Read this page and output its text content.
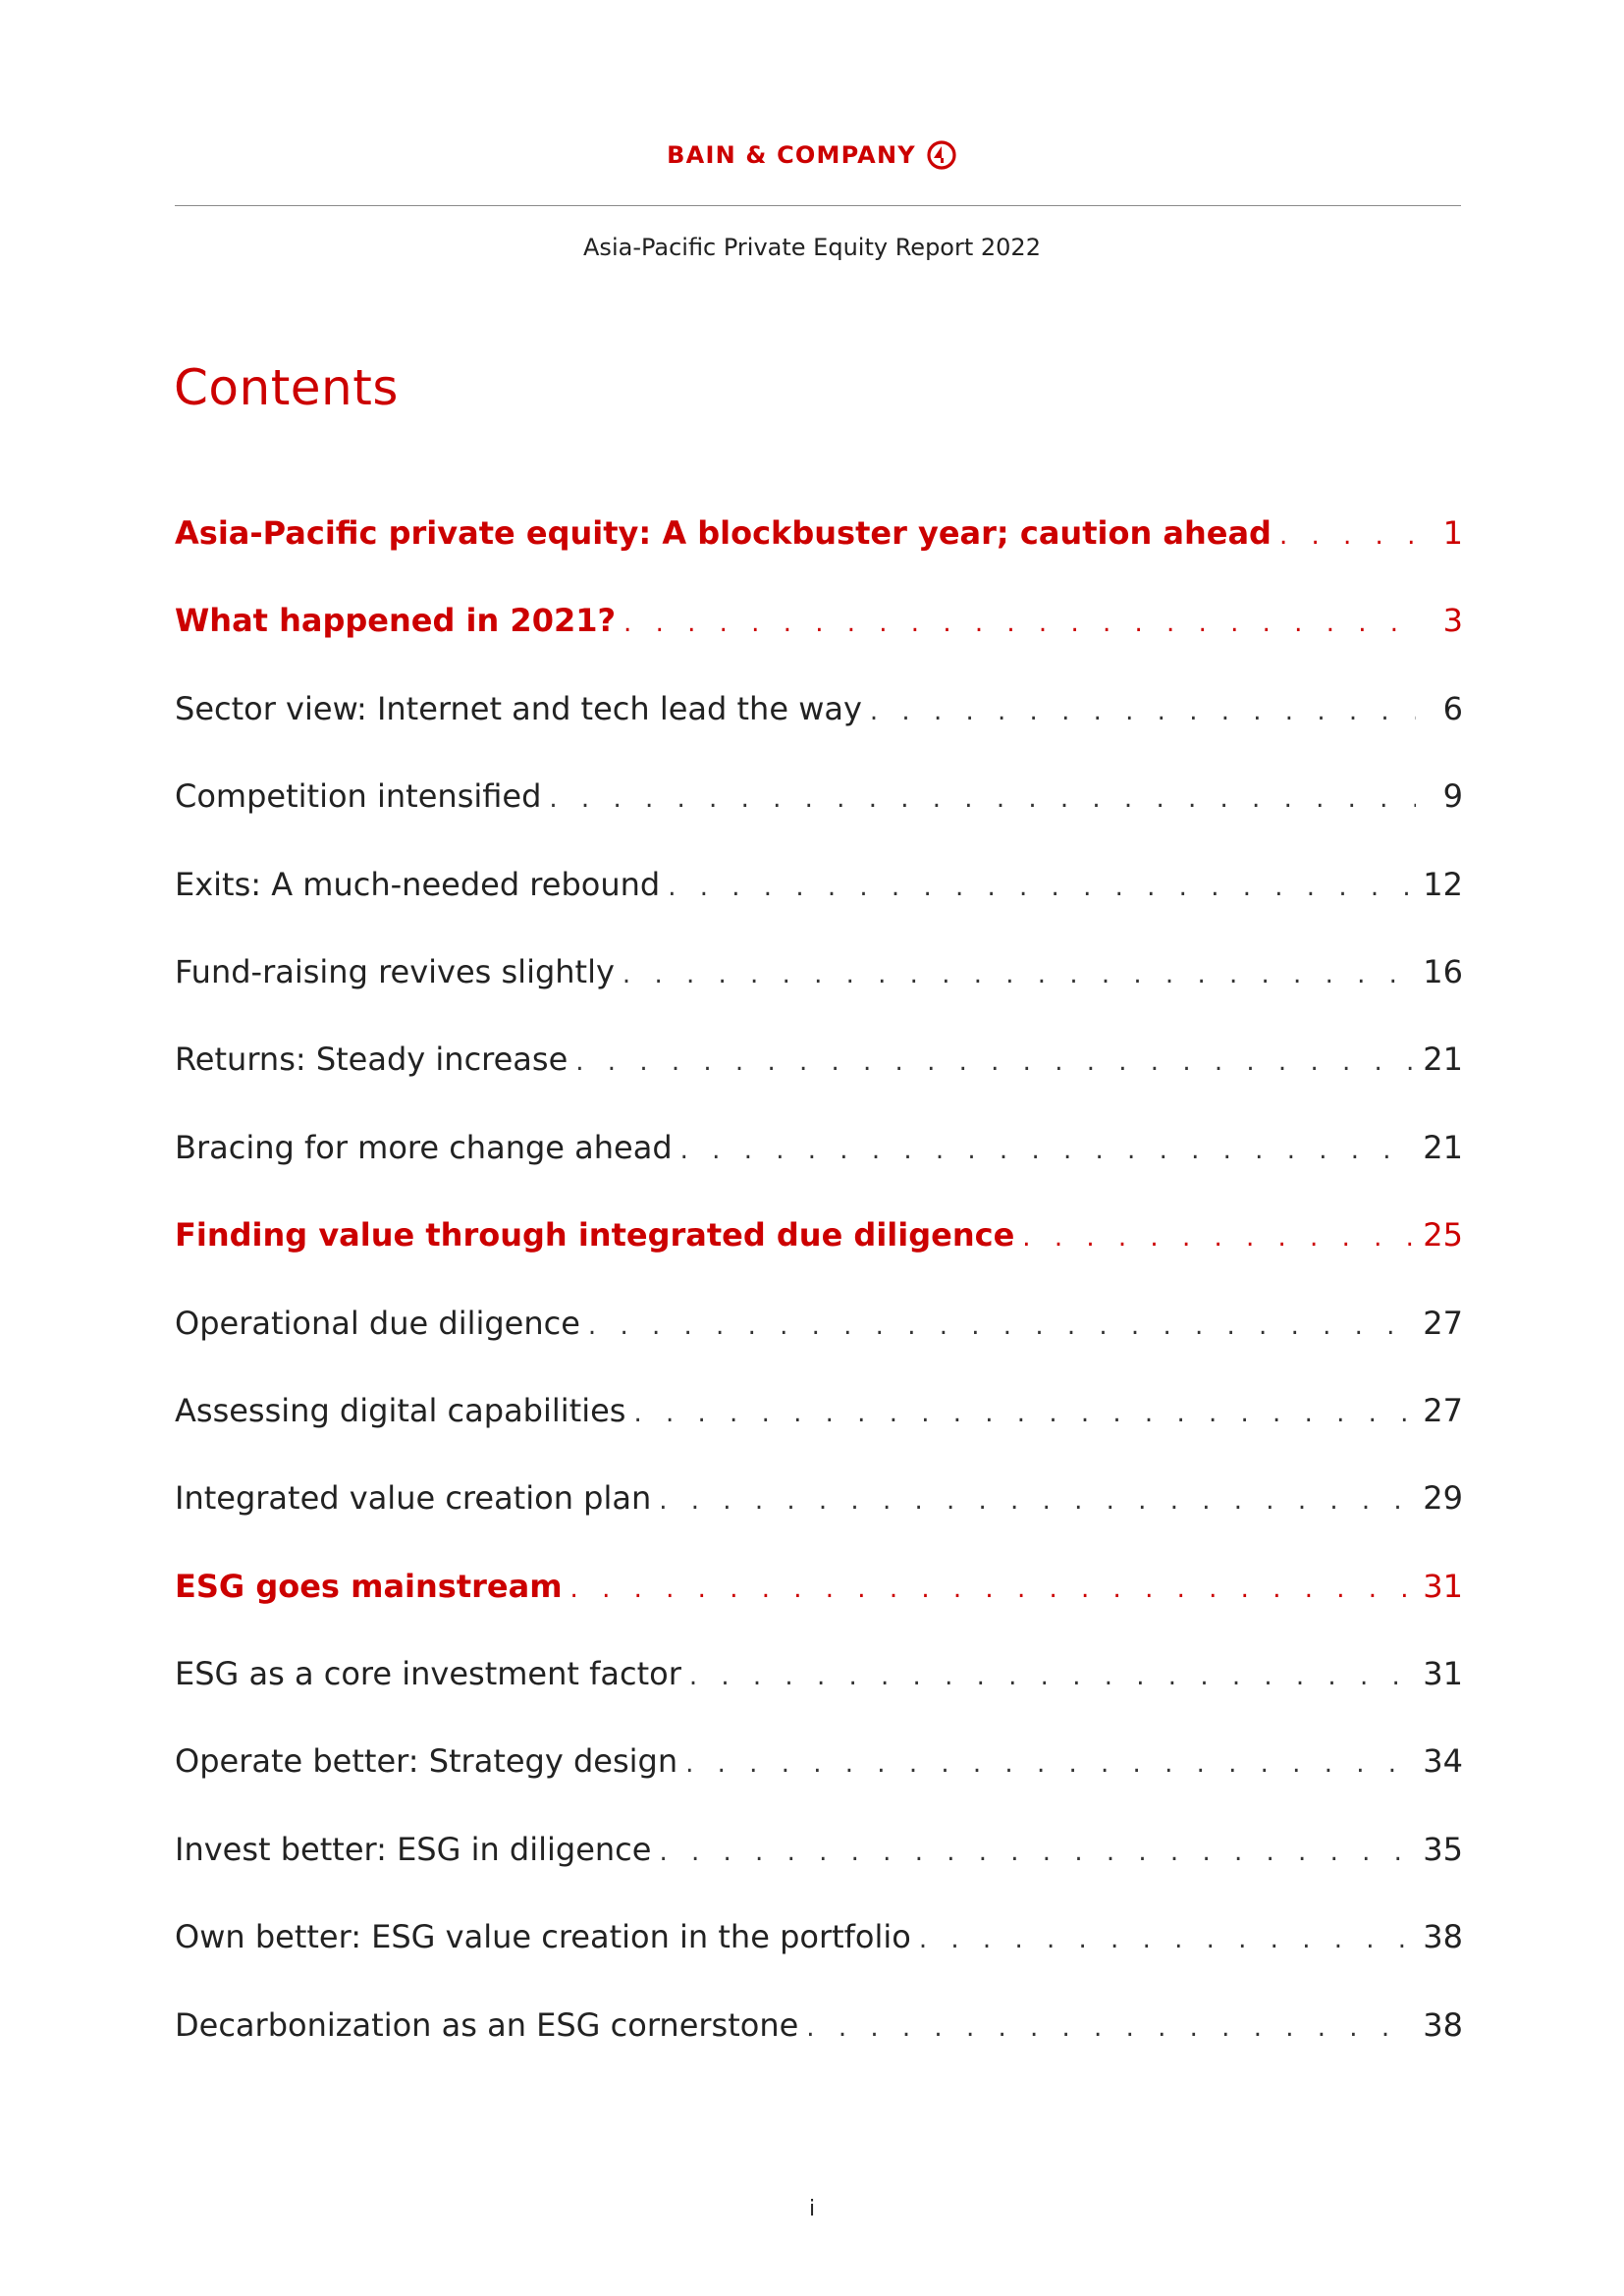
BAIN & COMPANY
Asia-Pacific Private Equity Report 2022
Contents
Asia-Pacific private equity: A blockbuster year; caution ahead . . .	1
What happened in 2021? . . .	3
Sector view: Internet and tech lead the way . . .	6
Competition intensified . . .	9
Exits: A much-needed rebound . . .	12
Fund-raising revives slightly . . .	16
Returns: Steady increase . . .	21
Bracing for more change ahead . . .	21
Finding value through integrated due diligence . . .	25
Operational due diligence . . .	27
Assessing digital capabilities . . .	27
Integrated value creation plan . . .	29
ESG goes mainstream . . .	31
ESG as a core investment factor . . .	31
Operate better: Strategy design . . .	34
Invest better: ESG in diligence . . .	35
Own better: ESG value creation in the portfolio . . .	38
Decarbonization as an ESG cornerstone . . .	38
i
